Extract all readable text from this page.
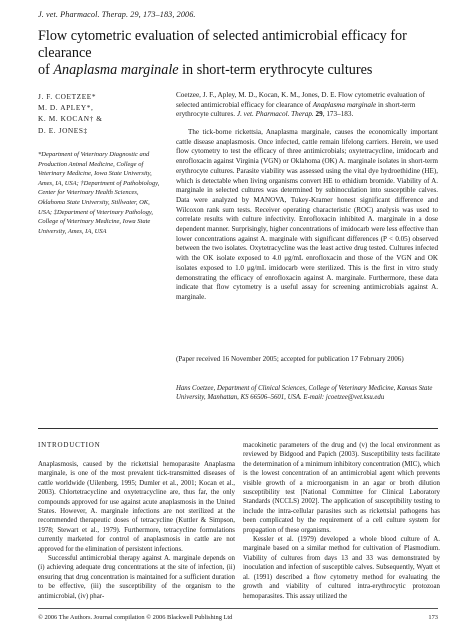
J. vet. Pharmacol. Therap. 29, 173–183, 2006.
Flow cytometric evaluation of selected antimicrobial efficacy for clearance
of Anaplasma marginale in short-term erythrocyte cultures
J. F. COETZEE*
M. D. APLEY*,
K. M. KOCAN† &
D. E. JONES‡
*Department of Veterinary Diagnostic and Production Animal Medicine, College of Veterinary Medicine, Iowa State University, Ames, IA, USA; †Department of Pathobiology, Center for Veterinary Health Sciences, Oklahoma State University, Stillwater, OK, USA; ‡Department of Veterinary Pathology, College of Veterinary Medicine, Iowa State University, Ames, IA, USA
Coetzee, J. F., Apley, M. D., Kocan, K. M., Jones, D. E. Flow cytometric evaluation of selected antimicrobial efficacy for clearance of Anaplasma marginale in short-term erythrocyte cultures. J. vet. Pharmacol. Therap. 29, 173–183.

The tick-borne rickettsia, Anaplasma marginale, causes the economically important cattle disease anaplasmosis. Once infected, cattle remain lifelong carriers. Herein, we used flow cytometry to test the efficacy of three antimicrobials; oxytetracycline, imidocarb and enrofloxacin against Virginia (VGN) or Oklahoma (OK) A. marginale isolates in short-term erythrocyte cultures. Parasite viability was assessed using the vital dye hydroethidine (HE), which is detectable when living organisms convert HE to ethidium bromide. Viability of A. marginale in selected cultures was determined by subinoculation into susceptible calves. Data were analyzed by MANOVA, Tukey-Kramer honest significant difference and Wilcoxon rank sum tests. Receiver operating characteristic (ROC) analysis was used to correlate results with culture infectivity. Enrofloxacin inhibited A. marginale in a dose dependent manner. Surprisingly, higher concentrations of imidocarb were less effective than lower concentrations against A. marginale with significant differences (P < 0.05) observed between the two isolates. Oxytetracycline was the least active drug tested. Cultures infected with the OK isolate exposed to 4.0 μg/mL enrofloxacin and those of the VGN and OK isolates exposed to 1.0 μg/mL imidocarb were sterilized. This is the first in vitro study demonstrating the efficacy of enrofloxacin against A. marginale. Furthermore, these data indicate that flow cytometry is a useful assay for screening antimicrobials against A. marginale.

(Paper received 16 November 2005; accepted for publication 17 February 2006)
Hans Coetzee, Department of Clinical Sciences, College of Veterinary Medicine, Kansas State University, Manhattan, KS 66506–5601, USA. E-mail: jcoetzee@vet.ksu.edu
INTRODUCTION

Anaplasmosis, caused by the rickettsial hemoparasite Anaplasma marginale, is one of the most prevalent tick-transmitted diseases of cattle worldwide (Uilenberg, 1995; Dumler et al., 2001; Kocan et al., 2003). Chlortetracycline and oxytetracycline are, thus far, the only compounds approved for use against acute anaplasmosis in the United States. However, A. marginale infections are not sterilized at the recommended therapeutic doses of tetracycline (Kuttler & Simpson, 1978; Stewart et al., 1979). Furthermore, tetracycline formulations currently marketed for control of anaplasmosis in cattle are not approved for the elimination of persistent infections.

Successful antimicrobial therapy against A. marginale depends on (i) achieving adequate drug concentrations at the site of infection, (ii) ensuring that drug concentration is maintained for a sufficient duration to be effective, (iii) the susceptibility of the organism to the antimicrobial, (iv) phar-

macokinetic parameters of the drug and (v) the local environment as reviewed by Bidgood and Papich (2003). Susceptibility tests facilitate the determination of a minimum inhibitory concentration (MIC), which is the lowest concentration of an antimicrobial agent which prevents visible growth of a microorganism in an agar or broth dilution susceptibility test [National Committee for Clinical Laboratory Standards (NCCLS) 2002]. The application of susceptibility testing to include the intra-cellular parasites such as rickettsial pathogens has been complicated by the requirement of a cell culture system for propagation of these organisms.

Kessler et al. (1979) developed a whole blood culture of A. marginale based on a similar method for cultivation of Plasmodium. Viability of cultures from days 13 and 33 was demonstrated by inoculation and infection of susceptible calves. Subsequently, Wyatt et al. (1991) described a flow cytometry method for evaluating the growth and viability of cultured intra-erythrocytic protozoan hemoparasites. This assay utilized the

© 2006 The Authors. Journal compilation © 2006 Blackwell Publishing Ltd	173
